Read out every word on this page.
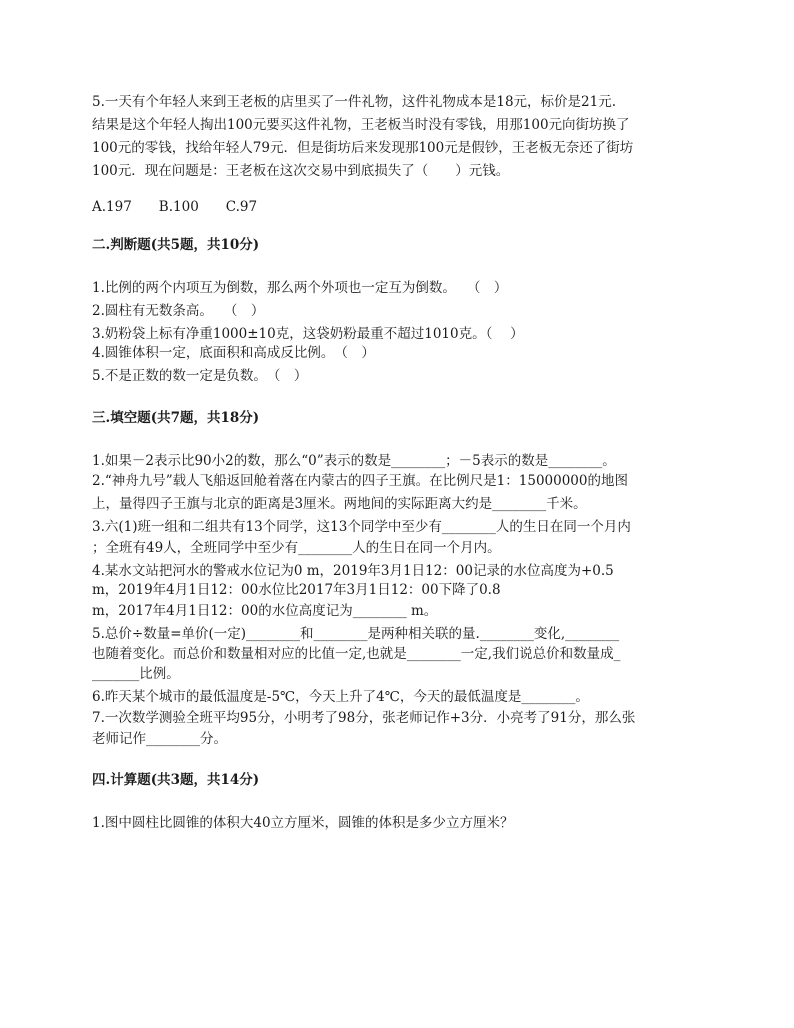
5.一天有个年轻人来到王老板的店里买了一件礼物，这件礼物成本是18元，标价是21元.
结果是这个年轻人掏出100元要买这件礼物，王老板当时没有零钱，用那100元向街坊换了
100元的零钱，找给年轻人79元．但是街坊后来发现那100元是假钞，王老板无奈还了街坊
100元．现在问题是：王老板在这次交易中到底损失了（　　）元钱。
A.197　　B.100　　C.97
二.判断题(共5题，共10分)
1.比例的两个内项互为倒数，那么两个外项也一定互为倒数。　 （　）
2.圆柱有无数条高。　 （　）
3.奶粉袋上标有净重1000±10克，这袋奶粉最重不超过1010克。（　 ）
4.圆锥体积一定，底面积和高成反比例。　（　）
5.不是正数的数一定是负数。　（　）
三.填空题(共7题，共18分)
1.如果－2表示比90小2的数，那么“0”表示的数是________；－5表示的数是________。
2.“神舟九号”载人飞船返回舱着落在内蒙古的四子王旗。在比例尺是1：15000000的地图
上，量得四子王旗与北京的距离是3厘米。两地间的实际距离大约是________千米。
3.六(1)班一组和二组共有13个同学，这13个同学中至少有________人的生日在同一个月内
；全班有49人，全班同学中至少有________人的生日在同一个月内。
4.某水文站把河水的警戒水位记为0 m，2019年3月1日12：00记录的水位高度为+0.5
m，2019年4月1日12：00水位比2017年3月1日12：00下降了0.8
m，2017年4月1日12：00的水位高度记为________ m。
5.总价÷数量=单价(一定)________和________是两种相关联的量.________变化,________
也随着变化。而总价和数量相对应的比值一定,也就是________一定,我们说总价和数量成_
_______比例。
6.昨天某个城市的最低温度是-5℃，今天上升了4℃，今天的最低温度是________。
7.一次数学测验全班平均95分，小明考了98分，张老师记作+3分．小亮考了91分，那么张
老师记作________分。
四.计算题(共3题，共14分)
1.图中圆柱比圆锥的体积大40立方厘米，圆锥的体积是多少立方厘米？
